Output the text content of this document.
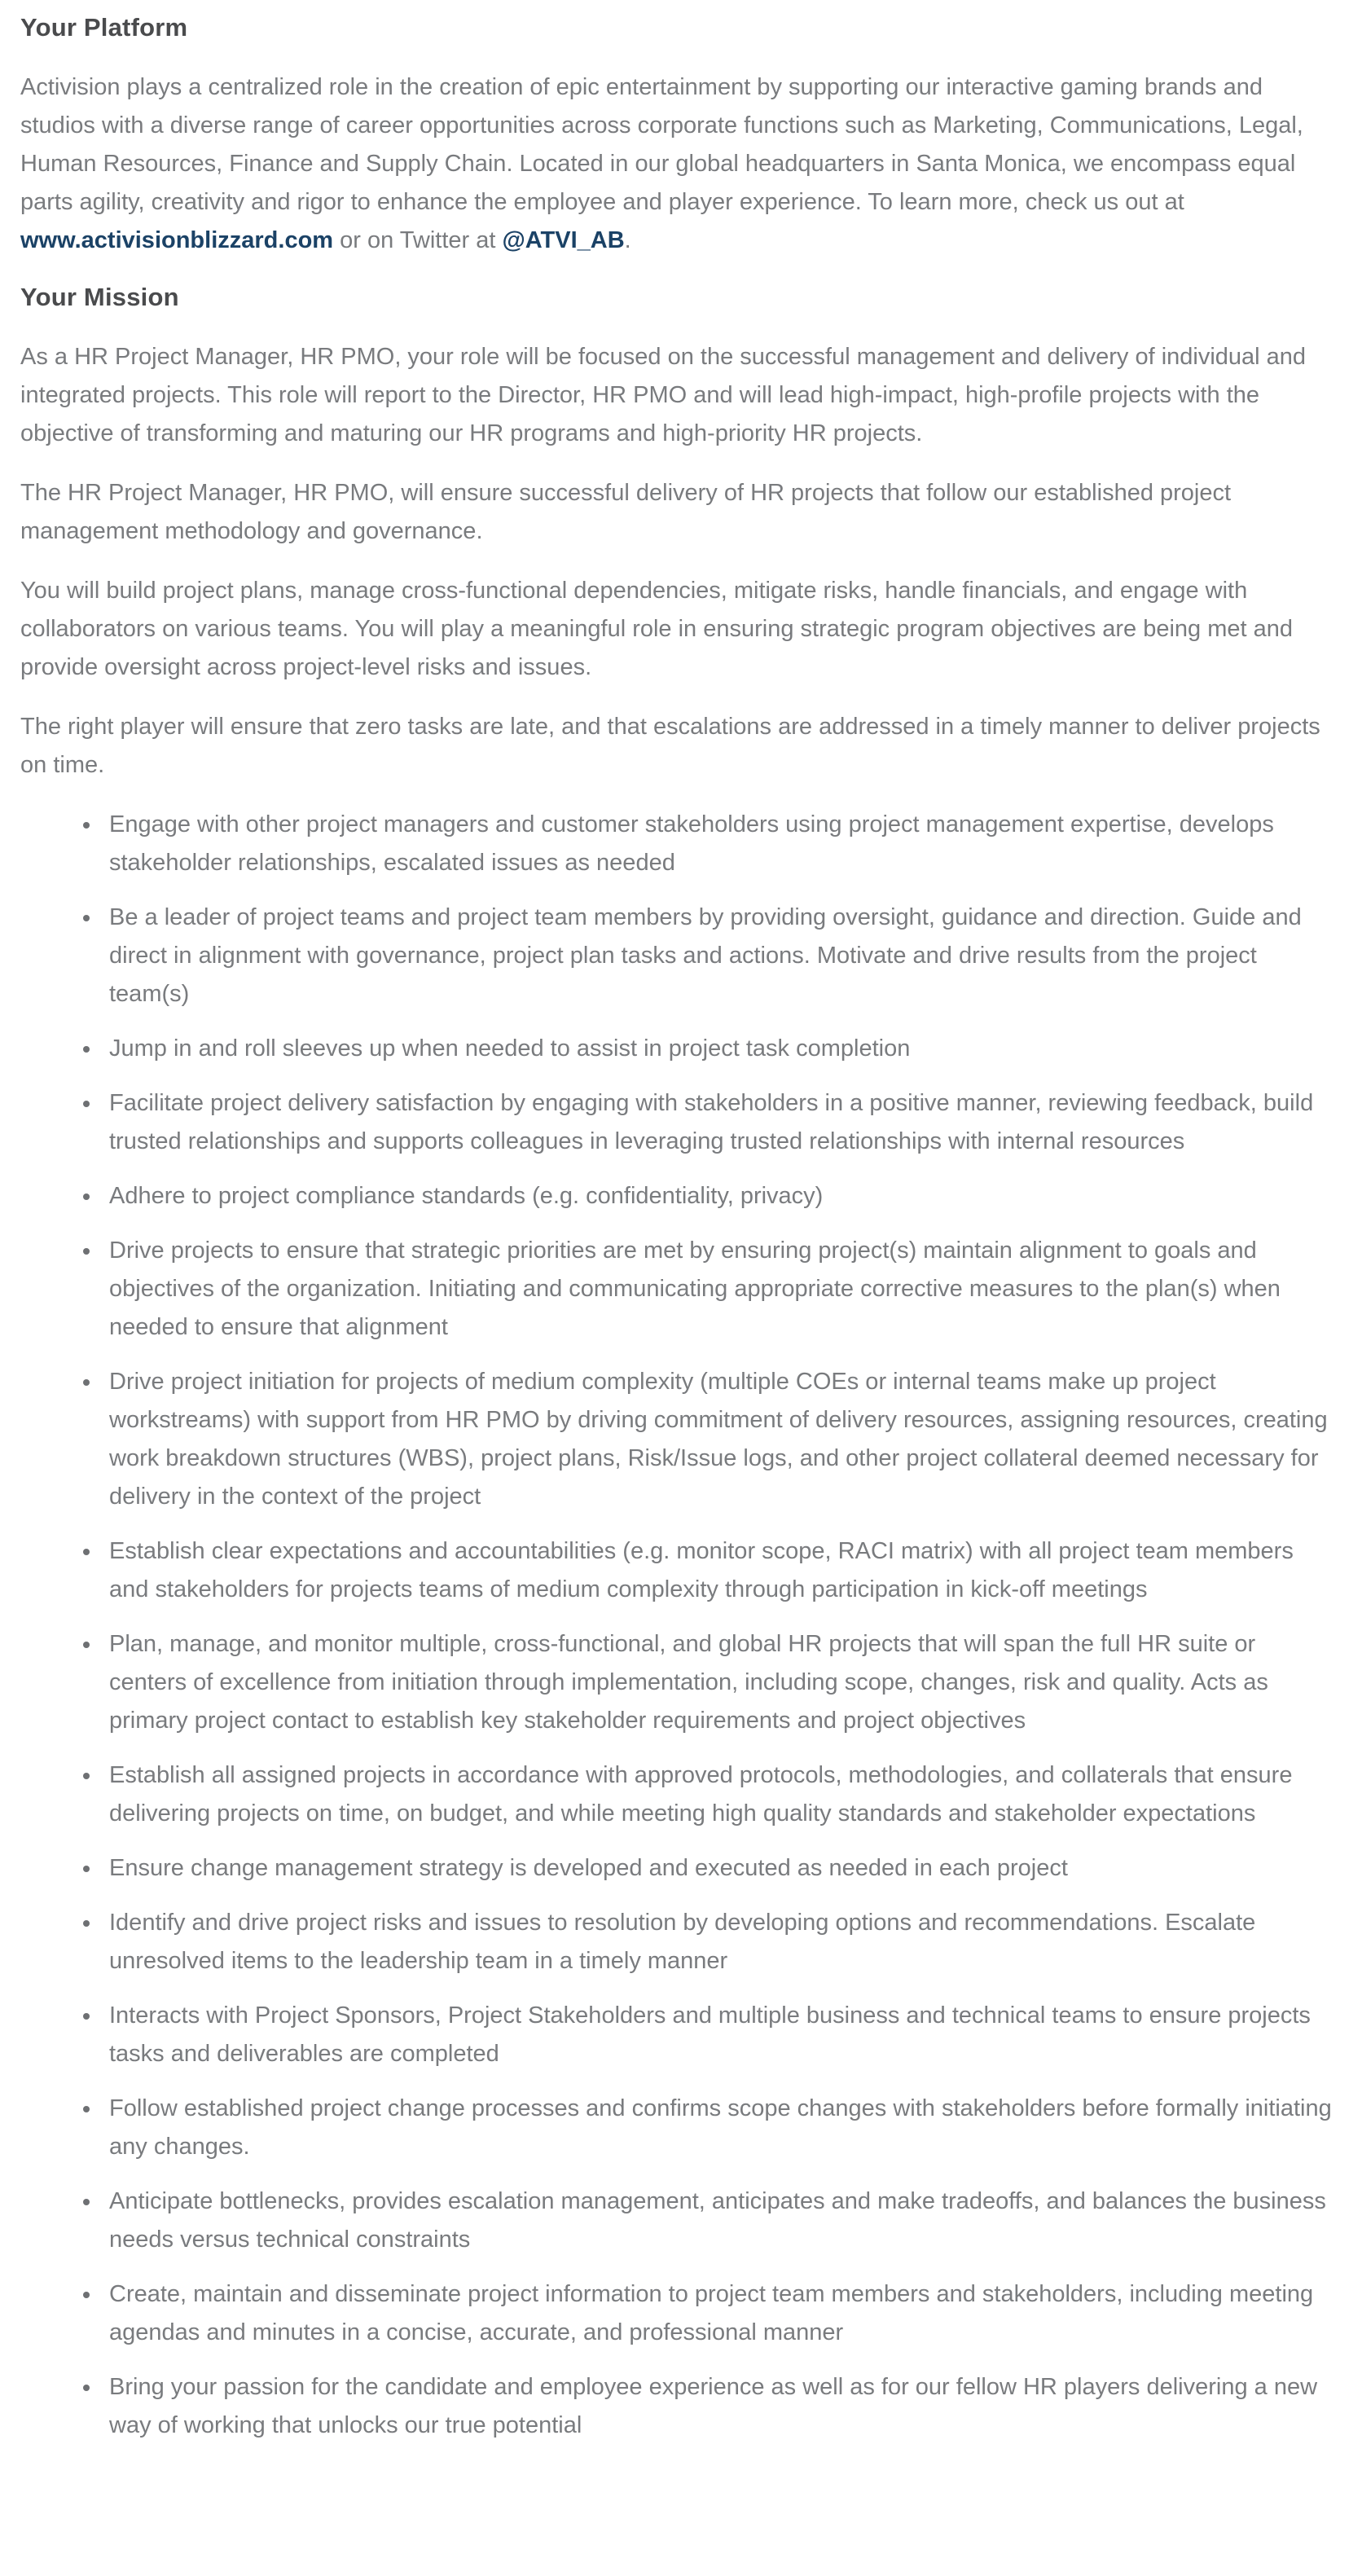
Your Platform

Activision plays a centralized role in the creation of epic entertainment by supporting our interactive gaming brands and studios with a diverse range of career opportunities across corporate functions such as Marketing, Communications, Legal, Human Resources, Finance and Supply Chain. Located in our global headquarters in Santa Monica, we encompass equal parts agility, creativity and rigor to enhance the employee and player experience. To learn more, check us out at www.activisionblizzard.com or on Twitter at @ATVI_AB.

Your Mission

As a HR Project Manager, HR PMO, your role will be focused on the successful management and delivery of individual and integrated projects. This role will report to the Director, HR PMO and will lead high-impact, high-profile projects with the objective of transforming and maturing our HR programs and high-priority HR projects.

The HR Project Manager, HR PMO, will ensure successful delivery of HR projects that follow our established project management methodology and governance.

You will build project plans, manage cross-functional dependencies, mitigate risks, handle financials, and engage with collaborators on various teams. You will play a meaningful role in ensuring strategic program objectives are being met and provide oversight across project-level risks and issues.

The right player will ensure that zero tasks are late, and that escalations are addressed in a timely manner to deliver projects on time.

• Engage with other project managers and customer stakeholders using project management expertise, develops stakeholder relationships, escalated issues as needed
• Be a leader of project teams and project team members by providing oversight, guidance and direction. Guide and direct in alignment with governance, project plan tasks and actions. Motivate and drive results from the project team(s)
• Jump in and roll sleeves up when needed to assist in project task completion
• Facilitate project delivery satisfaction by engaging with stakeholders in a positive manner, reviewing feedback, build trusted relationships and supports colleagues in leveraging trusted relationships with internal resources
• Adhere to project compliance standards (e.g. confidentiality, privacy)
• Drive projects to ensure that strategic priorities are met by ensuring project(s) maintain alignment to goals and objectives of the organization. Initiating and communicating appropriate corrective measures to the plan(s) when needed to ensure that alignment
• Drive project initiation for projects of medium complexity (multiple COEs or internal teams make up project workstreams) with support from HR PMO by driving commitment of delivery resources, assigning resources, creating work breakdown structures (WBS), project plans, Risk/Issue logs, and other project collateral deemed necessary for delivery in the context of the project
• Establish clear expectations and accountabilities (e.g. monitor scope, RACI matrix) with all project team members and stakeholders for projects teams of medium complexity through participation in kick-off meetings
• Plan, manage, and monitor multiple, cross-functional, and global HR projects that will span the full HR suite or centers of excellence from initiation through implementation, including scope, changes, risk and quality. Acts as primary project contact to establish key stakeholder requirements and project objectives
• Establish all assigned projects in accordance with approved protocols, methodologies, and collaterals that ensure delivering projects on time, on budget, and while meeting high quality standards and stakeholder expectations
• Ensure change management strategy is developed and executed as needed in each project
• Identify and drive project risks and issues to resolution by developing options and recommendations. Escalate unresolved items to the leadership team in a timely manner
• Interacts with Project Sponsors, Project Stakeholders and multiple business and technical teams to ensure projects tasks and deliverables are completed
• Follow established project change processes and confirms scope changes with stakeholders before formally initiating any changes.
• Anticipate bottlenecks, provides escalation management, anticipates and make tradeoffs, and balances the business needs versus technical constraints
• Create, maintain and disseminate project information to project team members and stakeholders, including meeting agendas and minutes in a concise, accurate, and professional manner
• Bring your passion for the candidate and employee experience as well as for our fellow HR players delivering a new way of working that unlocks our true potential
